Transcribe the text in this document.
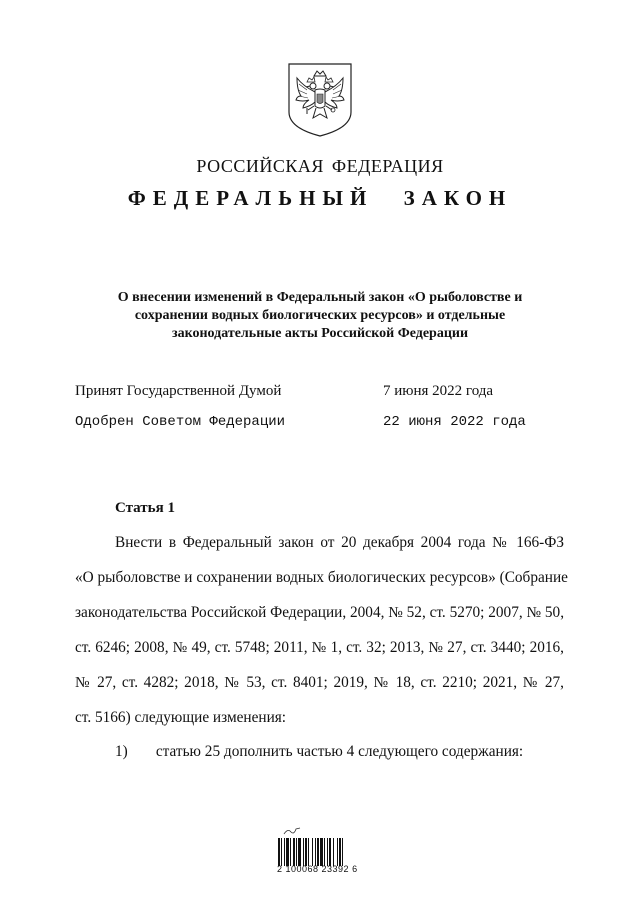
РОССИЙСКАЯ ФЕДЕРАЦИЯ
ФЕДЕРАЛЬНЫЙ ЗАКОН
О внесении изменений в Федеральный закон «О рыболовстве и
сохранении водных биологических ресурсов» и отдельные
законодательные акты Российской Федерации
Принят Государственной Думой	7 июня 2022 года
Одобрен Советом Федерации	22 июня 2022 года
Статья 1
Внести в Федеральный закон от 20 декабря 2004 года № 166-ФЗ
«О рыболовстве и сохранении водных биологических ресурсов» (Собрание
законодательства Российской Федерации, 2004, № 52, ст. 5270; 2007, № 50,
ст. 6246; 2008, № 49, ст. 5748; 2011, № 1, ст. 32; 2013, № 27, ст. 3440; 2016,
№ 27, ст. 4282; 2018, № 53, ст. 8401; 2019, № 18, ст. 2210; 2021, № 27,
ст. 5166) следующие изменения:
1) статью 25 дополнить частью 4 следующего содержания:
2 100068 23392 6
